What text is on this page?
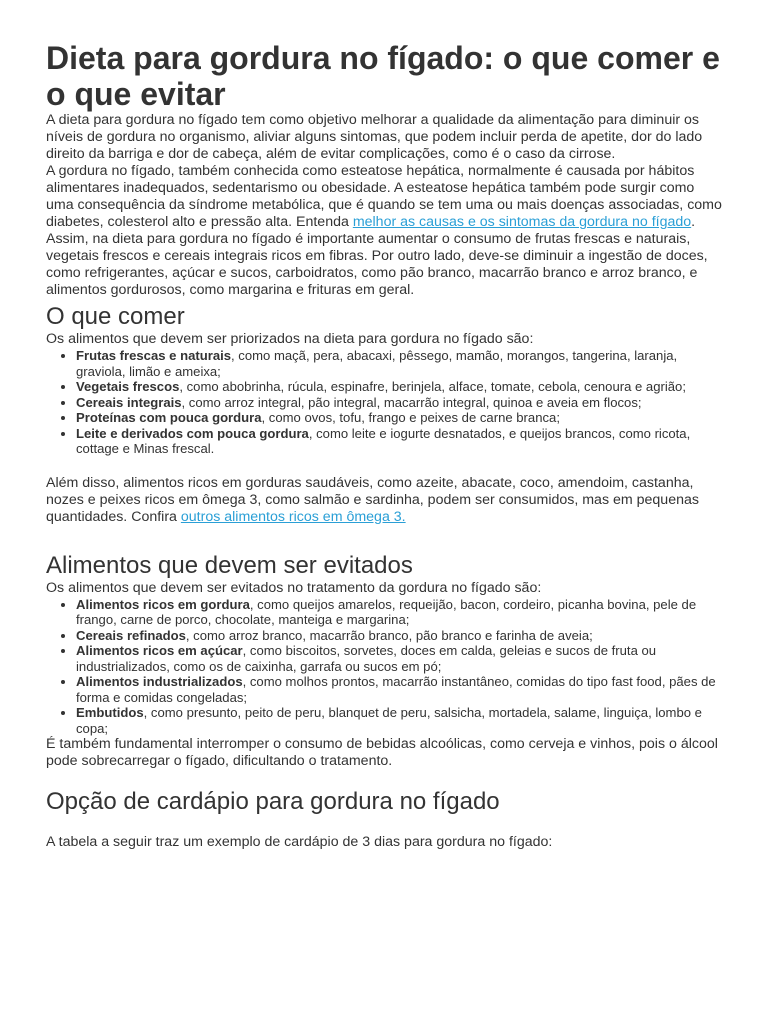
Dieta para gordura no fígado: o que comer e o que evitar

A dieta para gordura no fígado tem como objetivo melhorar a qualidade da alimentação para diminuir os níveis de gordura no organismo, aliviar alguns sintomas, que podem incluir perda de apetite, dor do lado direito da barriga e dor de cabeça, além de evitar complicações, como é o caso da cirrose.

A gordura no fígado, também conhecida como esteatose hepática, normalmente é causada por hábitos alimentares inadequados, sedentarismo ou obesidade. A esteatose hepática também pode surgir como uma consequência da síndrome metabólica, que é quando se tem uma ou mais doenças associadas, como diabetes, colesterol alto e pressão alta. Entenda melhor as causas e os sintomas da gordura no fígado.

Assim, na dieta para gordura no fígado é importante aumentar o consumo de frutas frescas e naturais, vegetais frescos e cereais integrais ricos em fibras. Por outro lado, deve-se diminuir a ingestão de doces, como refrigerantes, açúcar e sucos, carboidratos, como pão branco, macarrão branco e arroz branco, e alimentos gordurosos, como margarina e frituras em geral.

O que comer

Os alimentos que devem ser priorizados na dieta para gordura no fígado são:

• Frutas frescas e naturais, como maçã, pera, abacaxi, pêssego, mamão, morangos, tangerina, laranja, graviola, limão e ameixa;
• Vegetais frescos, como abobrinha, rúcula, espinafre, berinjela, alface, tomate, cebola, cenoura e agrião;
• Cereais integrais, como arroz integral, pão integral, macarrão integral, quinoa e aveia em flocos;
• Proteínas com pouca gordura, como ovos, tofu, frango e peixes de carne branca;
• Leite e derivados com pouca gordura, como leite e iogurte desnatados, e queijos brancos, como ricota, cottage e Minas frescal.

Além disso, alimentos ricos em gorduras saudáveis, como azeite, abacate, coco, amendoim, castanha, nozes e peixes ricos em ômega 3, como salmão e sardinha, podem ser consumidos, mas em pequenas quantidades. Confira outros alimentos ricos em ômega 3.

Alimentos que devem ser evitados

Os alimentos que devem ser evitados no tratamento da gordura no fígado são:

• Alimentos ricos em gordura, como queijos amarelos, requeijão, bacon, cordeiro, picanha bovina, pele de frango, carne de porco, chocolate, manteiga e margarina;
• Cereais refinados, como arroz branco, macarrão branco, pão branco e farinha de aveia;
• Alimentos ricos em açúcar, como biscoitos, sorvetes, doces em calda, geleias e sucos de fruta ou industrializados, como os de caixinha, garrafa ou sucos em pó;
• Alimentos industrializados, como molhos prontos, macarrão instantâneo, comidas do tipo fast food, pães de forma e comidas congeladas;
• Embutidos, como presunto, peito de peru, blanquet de peru, salsicha, mortadela, salame, linguiça, lombo e copa;

É também fundamental interromper o consumo de bebidas alcoólicas, como cerveja e vinhos, pois o álcool pode sobrecarregar o fígado, dificultando o tratamento.

Opção de cardápio para gordura no fígado

A tabela a seguir traz um exemplo de cardápio de 3 dias para gordura no fígado:
